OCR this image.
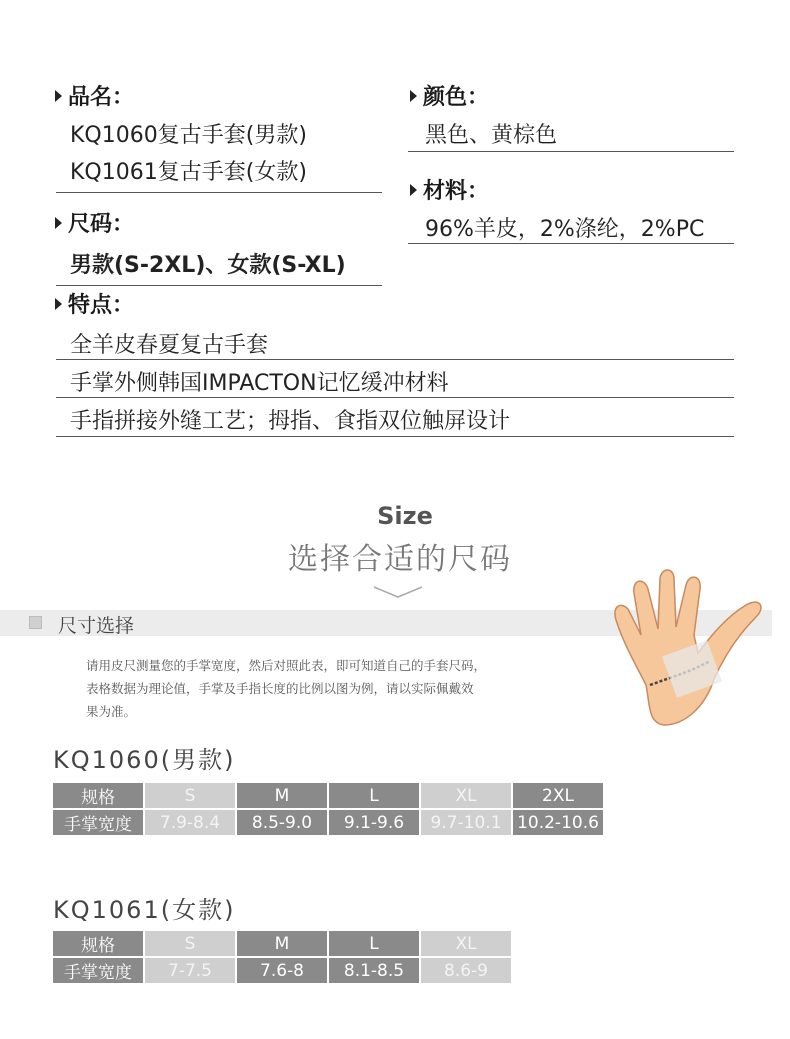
品名：
KQ1060复古手套(男款)
KQ1061复古手套(女款)
颜色：
黑色、黄棕色
材料：
96%羊皮，2%涤纶，2%PC
尺码：
男款(S-2XL)、女款(S-XL)
特点：
全羊皮春夏复古手套
手掌外侧韩国IMPACTON记忆缓冲材料
手指拼接外缝工艺；拇指、食指双位触屏设计
Size
选择合适的尺码
尺寸选择
请用皮尺测量您的手掌宽度，然后对照此表，即可知道自己的手套尺码，
表格数据为理论值，手掌及手指长度的比例以图为例，请以实际佩戴效
果为准。
KQ1060(男款)
规格	S	M	L	XL	2XL
手掌宽度	7.9-8.4	8.5-9.0	9.1-9.6	9.7-10.1	10.2-10.6
KQ1061(女款)
规格	S	M	L	XL
手掌宽度	7-7.5	7.6-8	8.1-8.5	8.6-9
